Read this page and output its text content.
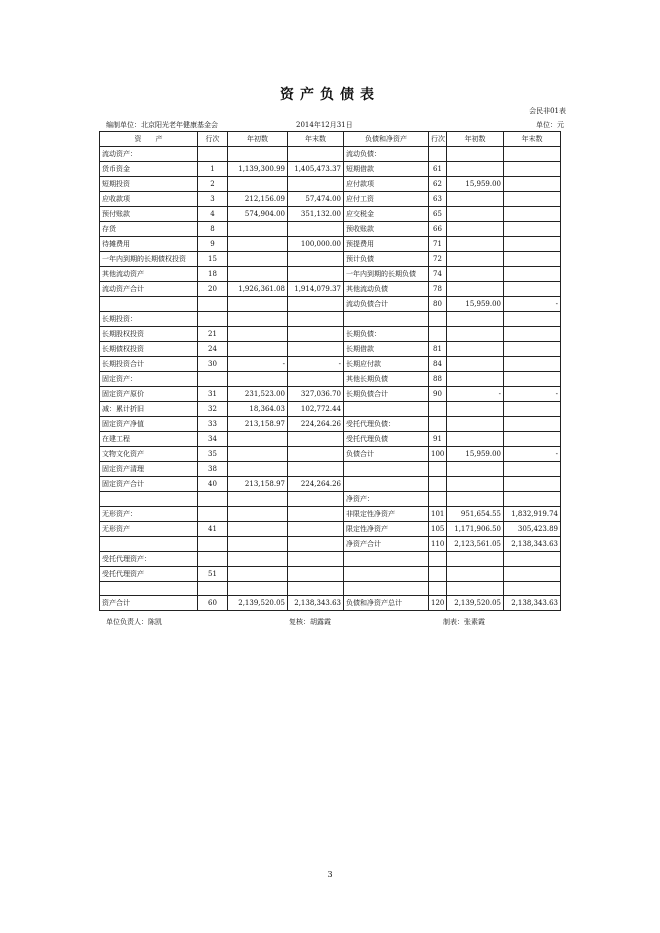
资产负债表
会民非01表
编制单位：北京阳光老年健康基金会	2014年12月31日	单位：元
资　　产	行次	年初数	年末数	负债和净资产	行次	年初数	年末数
流动资产：				流动负债：			
货币资金	1	1,139,300.99	1,405,473.37	短期借款	61		
短期投资	2			应付款项	62	15,959.00	
应收款项	3	212,156.09	57,474.00	应付工资	63		
预付账款	4	574,904.00	351,132.00	应交税金	65		
存货	8			预收账款	66		
待摊费用	9		100,000.00	预提费用	71		
一年内到期的长期债权投资	15			预计负债	72		
其他流动资产	18			一年内到期的长期负债	74		
流动资产合计	20	1,926,361.08	1,914,079.37	其他流动负债	78		
				流动负债合计	80	15,959.00	-
长期投资：							
长期股权投资	21			长期负债：			
长期债权投资	24			长期借款	81		
长期投资合计	30	-	-	长期应付款	84		
固定资产：				其他长期负债	88		
固定资产原价	31	231,523.00	327,036.70	长期负债合计	90	-	-
减：累计折旧	32	18,364.03	102,772.44				
固定资产净值	33	213,158.97	224,264.26	受托代理负债：			
在建工程	34			受托代理负债	91		
文物文化资产	35			负债合计	100	15,959.00	-
固定资产清理	38						
固定资产合计	40	213,158.97	224,264.26				
				净资产：			
无形资产：				非限定性净资产	101	951,654.55	1,832,919.74
无形资产	41			限定性净资产	105	1,171,906.50	305,423.89
				净资产合计	110	2,123,561.05	2,138,343.63
受托代理资产：							
受托代理资产	51						

资产合计	60	2,139,520.05	2,138,343.63	负债和净资产总计	120	2,139,520.05	2,138,343.63
单位负责人：陈凯	复核：胡露霞	制表：张素霞
3
